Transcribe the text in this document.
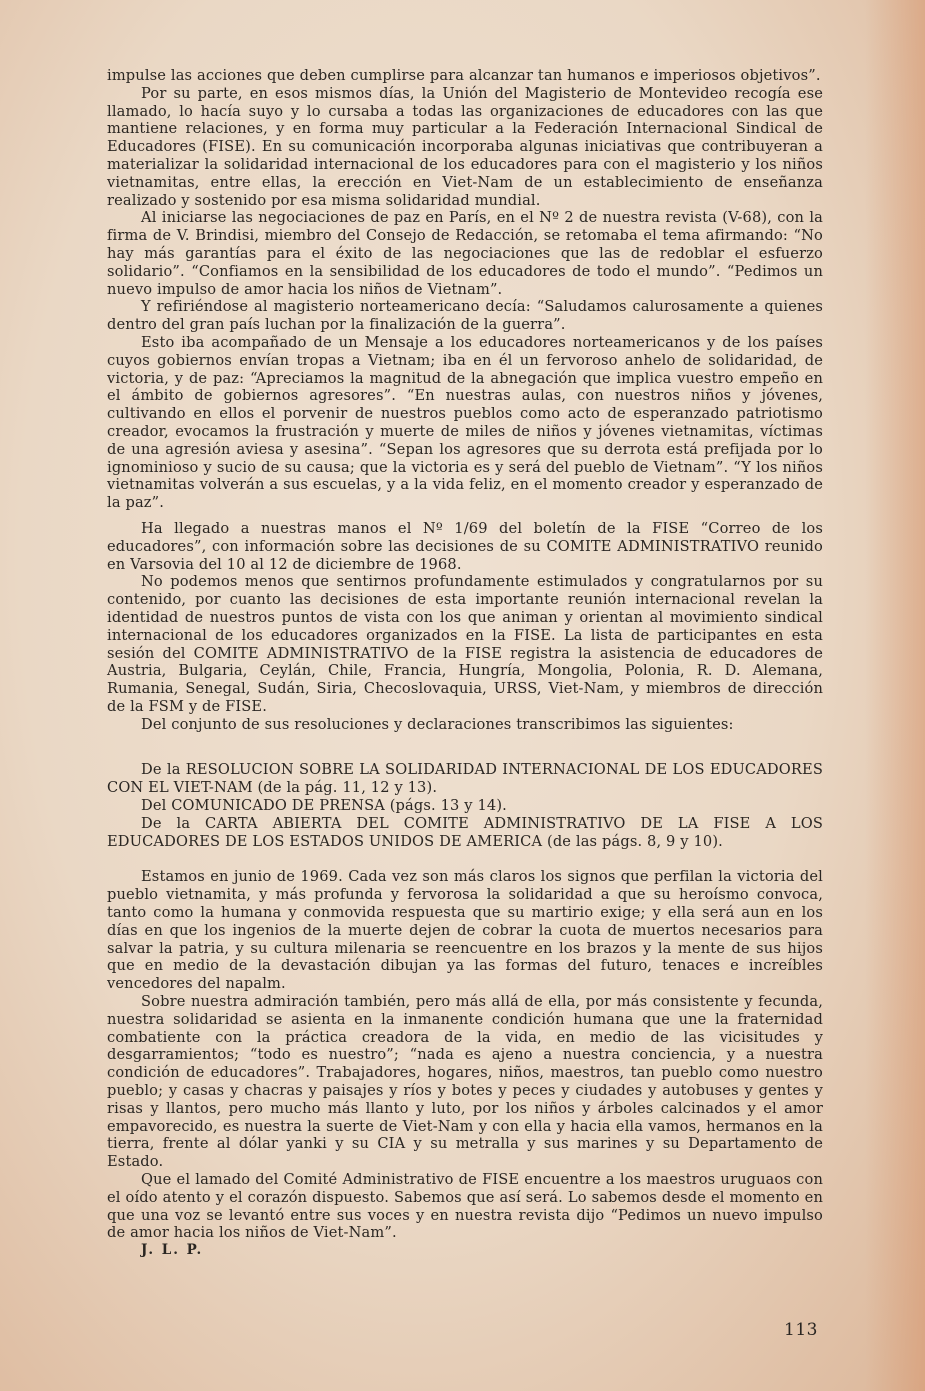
impulse las acciones que deben cumplirse para alcanzar tan humanos e imperiosos objetivos”.

Por su parte, en esos mismos días, la Unión del Magisterio de Montevideo recogía ese llamado, lo hacía suyo y lo cursaba a todas las organizaciones de educadores con las que mantiene relaciones, y en forma muy particular a la Federación Internacional Sindical de Educadores (FISE). En su comunicación incorporaba algunas iniciativas que contribuyeran a materializar la solidaridad internacional de los educadores para con el magisterio y los niños vietnamitas, entre ellas, la erección en Viet-Nam de un establecimiento de enseñanza realizado y sostenido por esa misma solidaridad mundial.

Al iniciarse las negociaciones de paz en París, en el Nº 2 de nuestra revista (V-68), con la firma de V. Brindisi, miembro del Consejo de Redacción, se retomaba el tema afirmando: “No hay más garantías para el éxito de las negociaciones que las de redoblar el esfuerzo solidario”. “Confiamos en la sensibilidad de los educadores de todo el mundo”. “Pedimos un nuevo impulso de amor hacia los niños de Vietnam”.

Y refiriéndose al magisterio norteamericano decía: “Saludamos calurosamente a quienes dentro del gran país luchan por la finalización de la guerra”.

Esto iba acompañado de un Mensaje a los educadores norteamericanos y de los países cuyos gobiernos envían tropas a Vietnam; iba en él un fervoroso anhelo de solidaridad, de victoria, y de paz: “Apreciamos la magnitud de la abnegación que implica vuestro empeño en el ámbito de gobiernos agresores”. “En nuestras aulas, con nuestros niños y jóvenes, cultivando en ellos el porvenir de nuestros pueblos como acto de esperanzado patriotismo creador, evocamos la frustración y muerte de miles de niños y jóvenes vietnamitas, víctimas de una agresión aviesa y asesina”. “Sepan los agresores que su derrota está prefijada por lo ignominioso y sucio de su causa; que la victoria es y será del pueblo de Vietnam”. “Y los niños vietnamitas volverán a sus escuelas, y a la vida feliz, en el momento creador y esperanzado de la paz”.

Ha llegado a nuestras manos el Nº 1/69 del boletín de la FISE “Correo de los educadores”, con información sobre las decisiones de su COMITE ADMINISTRATIVO reunido en Varsovia del 10 al 12 de diciembre de 1968.

No podemos menos que sentirnos profundamente estimulados y congratularnos por su contenido, por cuanto las decisiones de esta importante reunión internacional revelan la identidad de nuestros puntos de vista con los que animan y orientan al movimiento sindical internacional de los educadores organizados en la FISE. La lista de participantes en esta sesión del COMITE ADMINISTRATIVO de la FISE registra la asistencia de educadores de Austria, Bulgaria, Ceylán, Chile, Francia, Hungría, Mongolia, Polonia, R. D. Alemana, Rumania, Senegal, Sudán, Siria, Checoslovaquia, URSS, Viet-Nam, y miembros de dirección de la FSM y de FISE.

Del conjunto de sus resoluciones y declaraciones transcribimos las siguientes:

De la RESOLUCION SOBRE LA SOLIDARIDAD INTERNACIONAL DE LOS EDUCADORES CON EL VIET-NAM (de la pág. 11, 12 y 13).

Del COMUNICADO DE PRENSA (págs. 13 y 14).

De la CARTA ABIERTA DEL COMITE ADMINISTRATIVO DE LA FISE A LOS EDUCADORES DE LOS ESTADOS UNIDOS DE AMERICA (de las págs. 8, 9 y 10).

Estamos en junio de 1969. Cada vez son más claros los signos que perfilan la victoria del pueblo vietnamita, y más profunda y fervorosa la solidaridad a que su heroísmo convoca, tanto como la humana y conmovida respuesta que su martirio exige; y ella será aun en los días en que los ingenios de la muerte dejen de cobrar la cuota de muertos necesarios para salvar la patria, y su cultura milenaria se reencuentre en los brazos y la mente de sus hijos que en medio de la devastación dibujan ya las formas del futuro, tenaces e increíbles vencedores del napalm.

Sobre nuestra admiración también, pero más allá de ella, por más consistente y fecunda, nuestra solidaridad se asienta en la inmanente condición humana que une la fraternidad combatiente con la práctica creadora de la vida, en medio de las vicisitudes y desgarramientos; “todo es nuestro”; “nada es ajeno a nuestra conciencia, y a nuestra condición de educadores”. Trabajadores, hogares, niños, maestros, tan pueblo como nuestro pueblo; y casas y chacras y paisajes y ríos y botes y peces y ciudades y autobuses y gentes y risas y llantos, pero mucho más llanto y luto, por los niños y árboles calcinados y el amor empavorecido, es nuestra la suerte de Viet-Nam y con ella y hacia ella vamos, hermanos en la tierra, frente al dólar yanki y su CIA y su metralla y sus marines y su Departamento de Estado.

Que el lamado del Comité Administrativo de FISE encuentre a los maestros uruguaos con el oído atento y el corazón dispuesto. Sabemos que así será. Lo sabemos desde el momento en que una voz se levantó entre sus voces y en nuestra revista dijo “Pedimos un nuevo impulso de amor hacia los niños de Viet-Nam”.

J. L. P.

113
